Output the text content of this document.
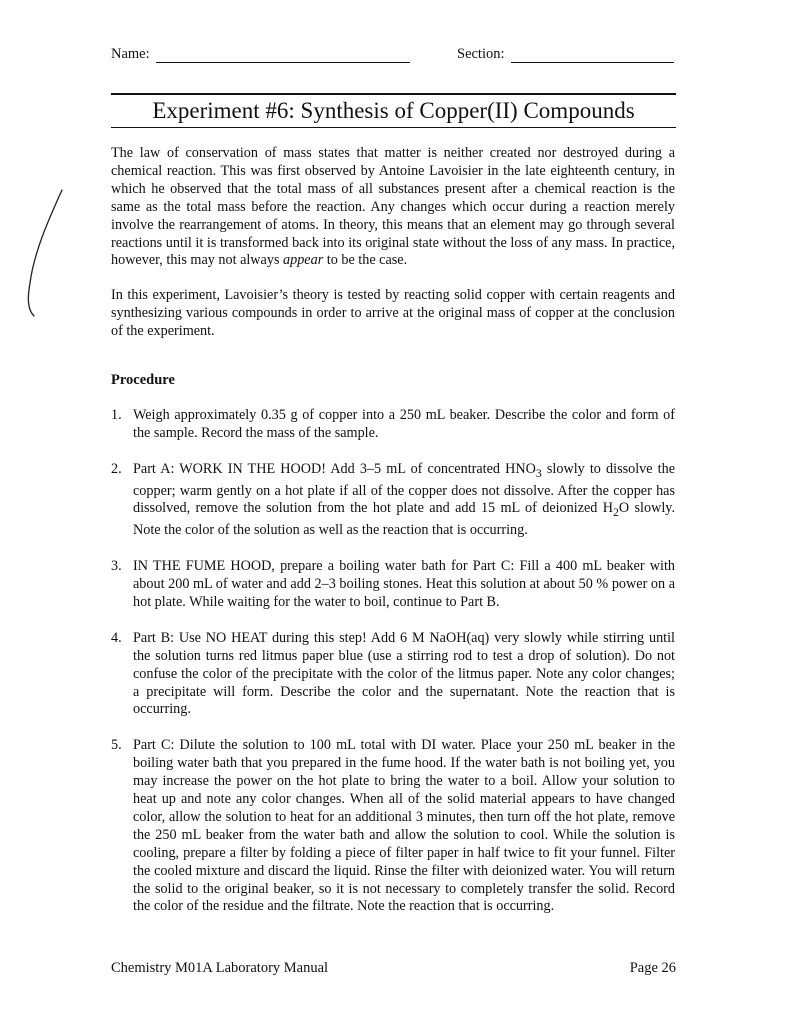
Name:	Section:
Experiment #6: Synthesis of Copper(II) Compounds

The law of conservation of mass states that matter is neither created nor destroyed during a chemical reaction. This was first observed by Antoine Lavoisier in the late eighteenth century, in which he observed that the total mass of all substances present after a chemical reaction is the same as the total mass before the reaction. Any changes which occur during a reaction merely involve the rearrangement of atoms. In theory, this means that an element may go through several reactions until it is transformed back into its original state without the loss of any mass. In practice, however, this may not always appear to be the case.

In this experiment, Lavoisier’s theory is tested by reacting solid copper with certain reagents and synthesizing various compounds in order to arrive at the original mass of copper at the conclusion of the experiment.

Procedure
1. Weigh approximately 0.35 g of copper into a 250 mL beaker. Describe the color and form of the sample. Record the mass of the sample.
2. Part A: WORK IN THE HOOD! Add 3–5 mL of concentrated $HNO_3$ slowly to dissolve the copper; warm gently on a hot plate if all of the copper does not dissolve. After the copper has dissolved, remove the solution from the hot plate and add 15 mL of deionized $H_2O$ slowly. Note the color of the solution as well as the reaction that is occurring.
3. IN THE FUME HOOD, prepare a boiling water bath for Part C: Fill a 400 mL beaker with about 200 mL of water and add 2–3 boiling stones. Heat this solution at about 50 % power on a hot plate. While waiting for the water to boil, continue to Part B.
4. Part B: Use NO HEAT during this step! Add 6 M NaOH(aq) very slowly while stirring until the solution turns red litmus paper blue (use a stirring rod to test a drop of solution). Do not confuse the color of the precipitate with the color of the litmus paper. Note any color changes; a precipitate will form. Describe the color and the supernatant. Note the reaction that is occurring.
5. Part C: Dilute the solution to 100 mL total with DI water. Place your 250 mL beaker in the boiling water bath that you prepared in the fume hood. If the water bath is not boiling yet, you may increase the power on the hot plate to bring the water to a boil. Allow your solution to heat up and note any color changes. When all of the solid material appears to have changed color, allow the solution to heat for an additional 3 minutes, then turn off the hot plate, remove the 250 mL beaker from the water bath and allow the solution to cool. While the solution is cooling, prepare a filter by folding a piece of filter paper in half twice to fit your funnel. Filter the cooled mixture and discard the liquid. Rinse the filter with deionized water. You will return the solid to the original beaker, so it is not necessary to completely transfer the solid. Record the color of the residue and the filtrate. Note the reaction that is occurring.
Chemistry M01A Laboratory Manual	Page 26
